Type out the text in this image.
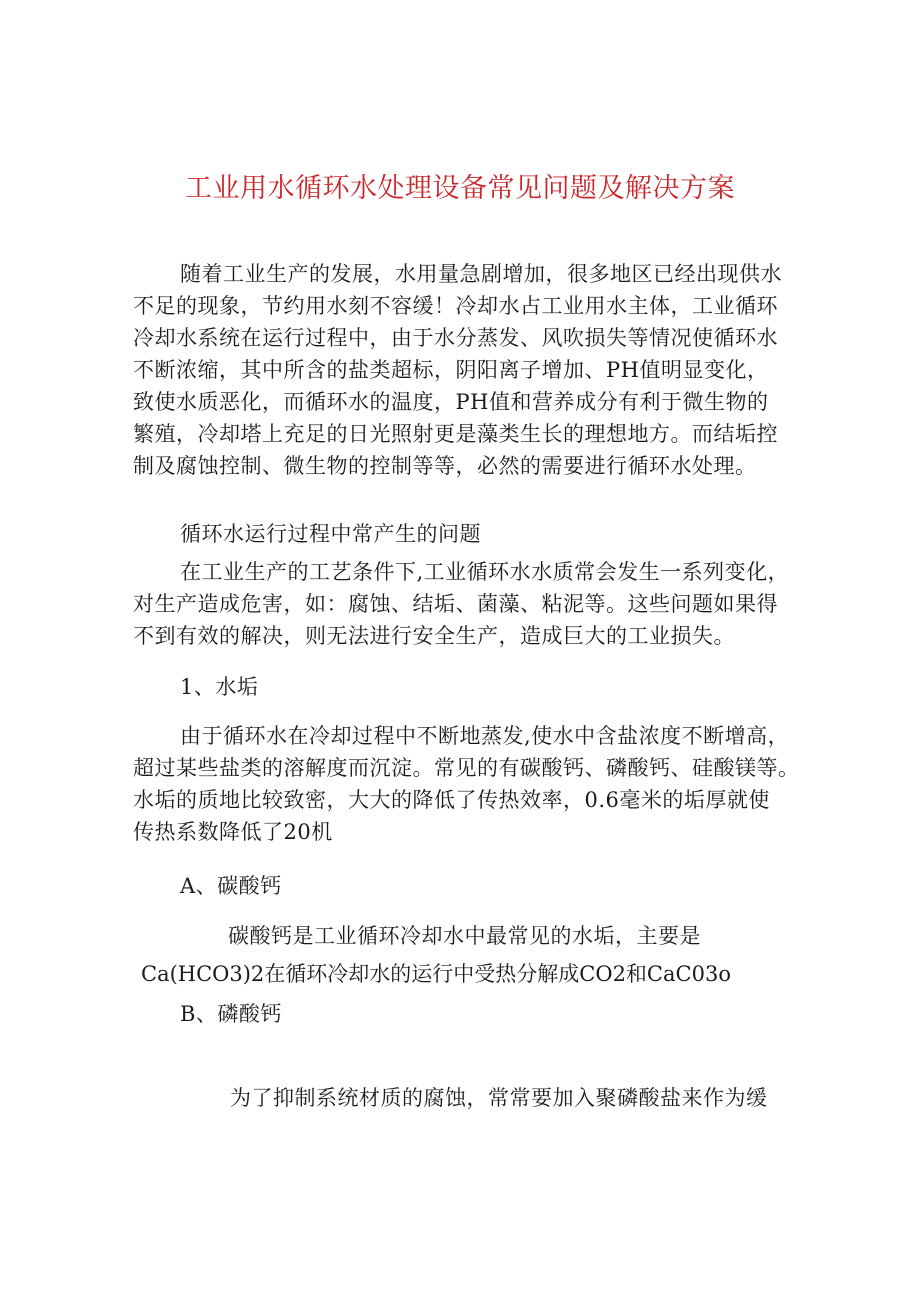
工业用水循环水处理设备常见问题及解决方案
随着工业生产的发展，水用量急剧增加，很多地区已经出现供水
不足的现象，节约用水刻不容缓！冷却水占工业用水主体，工业循环
冷却水系统在运行过程中，由于水分蒸发、风吹损失等情况使循环水
不断浓缩，其中所含的盐类超标，阴阳离子增加、PH值明显变化，
致使水质恶化，而循环水的温度，PH值和营养成分有利于微生物的
繁殖，冷却塔上充足的日光照射更是藻类生长的理想地方。而结垢控
制及腐蚀控制、微生物的控制等等，必然的需要进行循环水处理。
循环水运行过程中常产生的问题
在工业生产的工艺条件下,工业循环水水质常会发生一系列变化，
对生产造成危害，如：腐蚀、结垢、菌藻、粘泥等。这些问题如果得
不到有效的解决，则无法进行安全生产，造成巨大的工业损失。
1、水垢
由于循环水在冷却过程中不断地蒸发,使水中含盐浓度不断增高，
超过某些盐类的溶解度而沉淀。常见的有碳酸钙、磷酸钙、硅酸镁等。
水垢的质地比较致密，大大的降低了传热效率，0.6毫米的垢厚就使
传热系数降低了20机
A、碳酸钙
碳酸钙是工业循环冷却水中最常见的水垢，主要是
Ca(HCO3)2在循环冷却水的运行中受热分解成CO2和CaC03o
B、磷酸钙
为了抑制系统材质的腐蚀，常常要加入聚磷酸盐来作为缓
